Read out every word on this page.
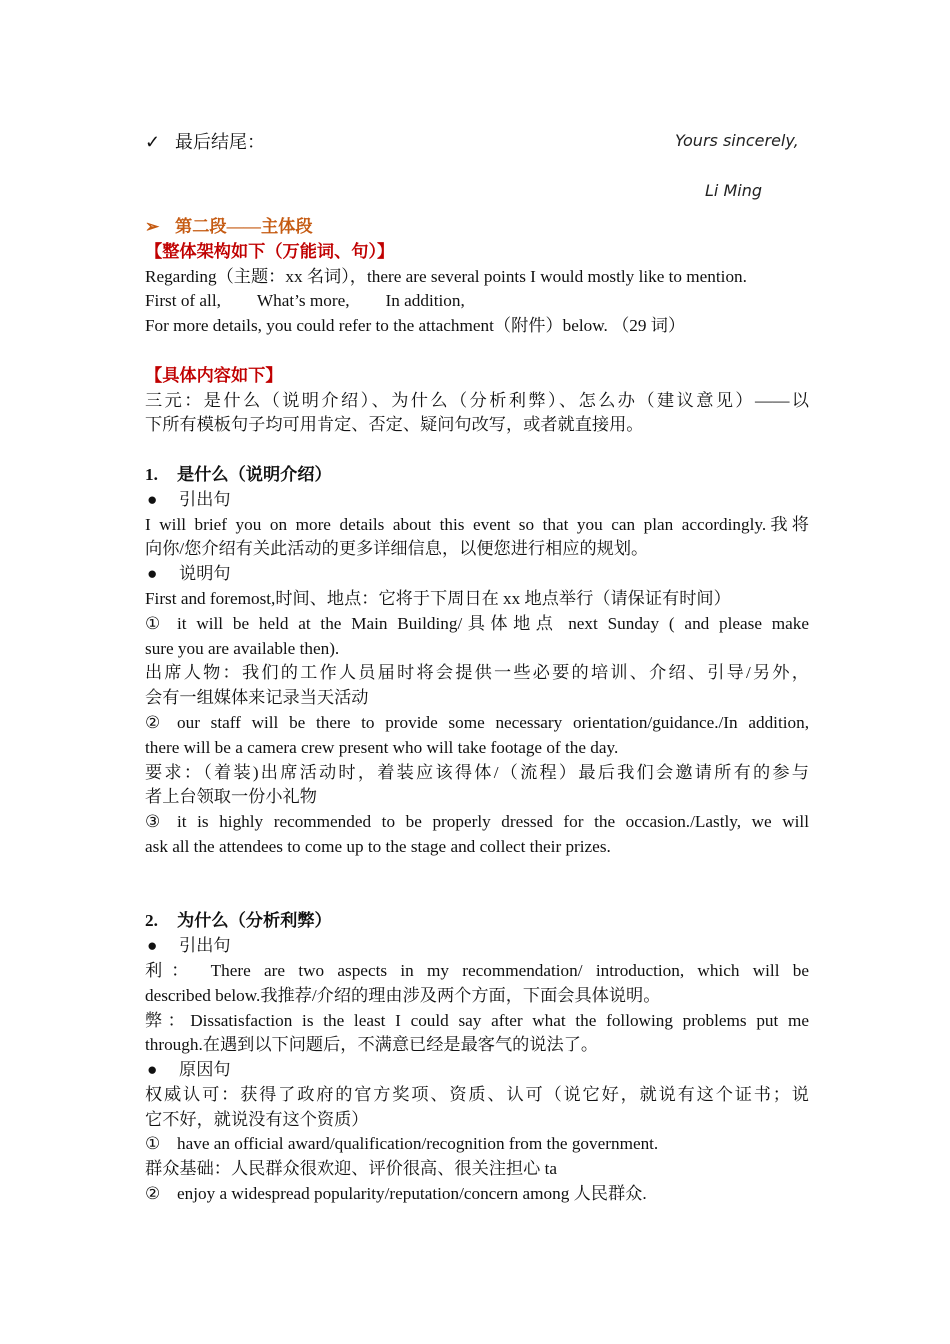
✓ 最后结尾：	Yours sincerely,
Li Ming
➢ 第二段——主体段
【整体架构如下（万能词、句）】
Regarding（主题：xx 名词），there are several points I would mostly like to mention.
First of all, What’s more, In addition,
For more details, you could refer to the attachment（附件）below. （29 词）
【具体内容如下】
三元：是什么（说明介绍）、为什么（分析利弊）、怎么办（建议意见）——以
下所有模板句子均可用肯定、否定、疑问句改写，或者就直接用。
1. 是什么（说明介绍）
● 引出句
I will brief you on more details about this event so that you can plan accordingly.我将
向你/您介绍有关此活动的更多详细信息，以便您进行相应的规划。
● 说明句
First and foremost,时间、地点：它将于下周日在 xx 地点举行（请保证有时间）
① it will be held at the Main Building/具体地点 next Sunday ( and please make
sure you are available then).
出席人物：我们的工作人员届时将会提供一些必要的培训、介绍、引导/另外，
会有一组媒体来记录当天活动
② our staff will be there to provide some necessary orientation/guidance./In addition,
there will be a camera crew present who will take footage of the day.
要求：（着装)出席活动时，着装应该得体/（流程）最后我们会邀请所有的参与
者上台领取一份小礼物
③ it is highly recommended to be properly dressed for the occasion./Lastly, we will
ask all the attendees to come up to the stage and collect their prizes.
2. 为什么（分析利弊）
● 引出句
利： There are two aspects in my recommendation/ introduction, which will be
described below.我推荐/介绍的理由涉及两个方面，下面会具体说明。
弊：Dissatisfaction is the least I could say after what the following problems put me
through.在遇到以下问题后，不满意已经是最客气的说法了。
● 原因句
权威认可：获得了政府的官方奖项、资质、认可（说它好，就说有这个证书；说
它不好，就说没有这个资质）
① have an official award/qualification/recognition from the government.
群众基础：人民群众很欢迎、评价很高、很关注担心 ta
② enjoy a widespread popularity/reputation/concern among 人民群众.
